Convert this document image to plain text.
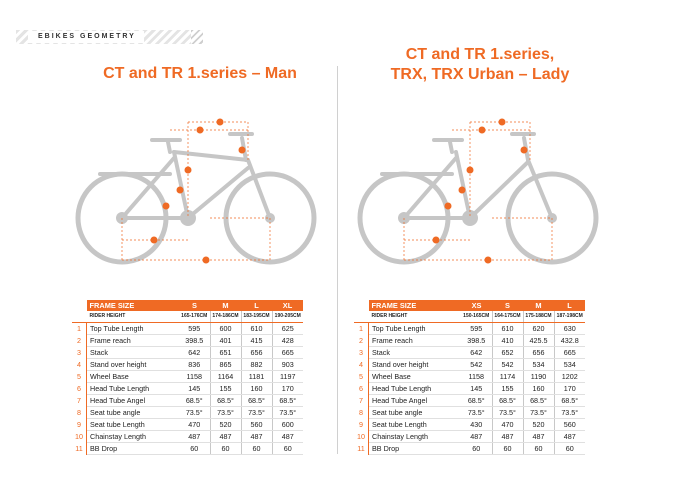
EBIKES GEOMETRY
CT and TR 1.series – Man
CT and TR 1.series,
TRX, TRX Urban – Lady
	FRAME SIZE	S	M	L	XL
	RIDER HEIGHT	165-176CM	174-186CM	183-195CM	190-205CM
1	Top Tube Length	595	600	610	625
2	Frame reach	398.5	401	415	428
3	Stack	642	651	656	665
4	Stand over height	836	865	882	903
5	Wheel Base	1158	1164	1181	1197
6	Head Tube Length	145	155	160	170
7	Head Tube Angel	68.5°	68.5°	68.5°	68.5°
8	Seat tube angle	73.5°	73.5°	73.5°	73.5°
9	Seat tube Length	470	520	560	600
10	Chainstay Length	487	487	487	487
11	BB Drop	60	60	60	60
	FRAME SIZE	XS	S	M	L
	RIDER HEIGHT	150-165CM	164-175CM	175-188CM	187-198CM
1	Top Tube Length	595	610	620	630
2	Frame reach	398.5	410	425.5	432.8
3	Stack	642	652	656	665
4	Stand over height	542	542	534	534
5	Wheel Base	1158	1174	1190	1202
6	Head Tube Length	145	155	160	170
7	Head Tube Angel	68.5°	68.5°	68.5°	68.5°
8	Seat tube angle	73.5°	73.5°	73.5°	73.5°
9	Seat tube Length	430	470	520	560
10	Chainstay Length	487	487	487	487
11	BB Drop	60	60	60	60
